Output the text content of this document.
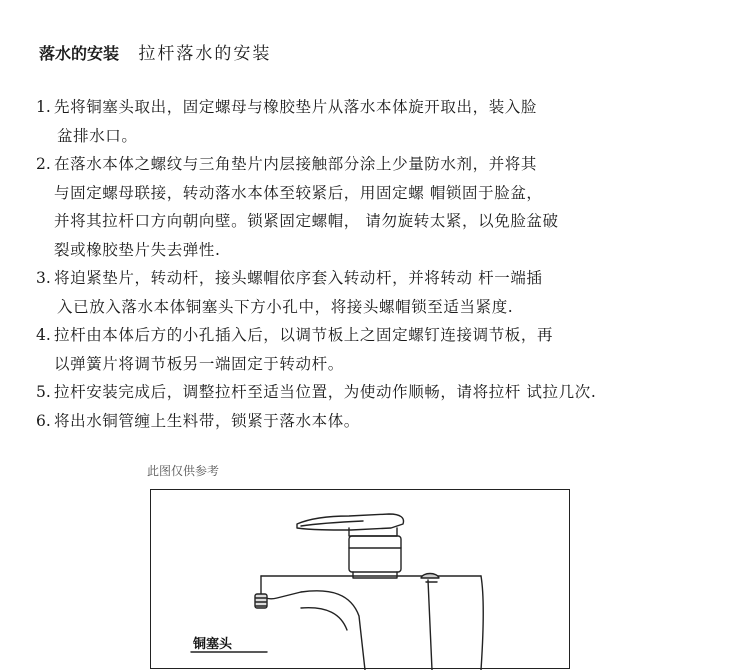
落水的安装 拉杆落水的安装
1. 先将铜塞头取出，固定螺母与橡胶垫片从落水本体旋开取出，装入脸
盆排水口。
2. 在落水本体之螺纹与三角垫片内层接触部分涂上少量防水剂，并将其
与固定螺母联接，转动落水本体至较紧后，用固定螺 帽锁固于脸盆，
并将其拉杆口方向朝向壁。锁紧固定螺帽， 请勿旋转太紧，以免脸盆破
裂或橡胶垫片失去弹性.
3. 将迫紧垫片，转动杆，接头螺帽依序套入转动杆，并将转动 杆一端插
入已放入落水本体铜塞头下方小孔中，将接头螺帽锁至适当紧度.
4. 拉杆由本体后方的小孔插入后，以调节板上之固定螺钉连接调节板，再
以弹簧片将调节板另一端固定于转动杆。
5. 拉杆安装完成后，调整拉杆至适当位置，为使动作顺畅，请将拉杆 试拉几次.
6. 将出水铜管缠上生料带，锁紧于落水本体。
此图仅供参考
铜塞头
